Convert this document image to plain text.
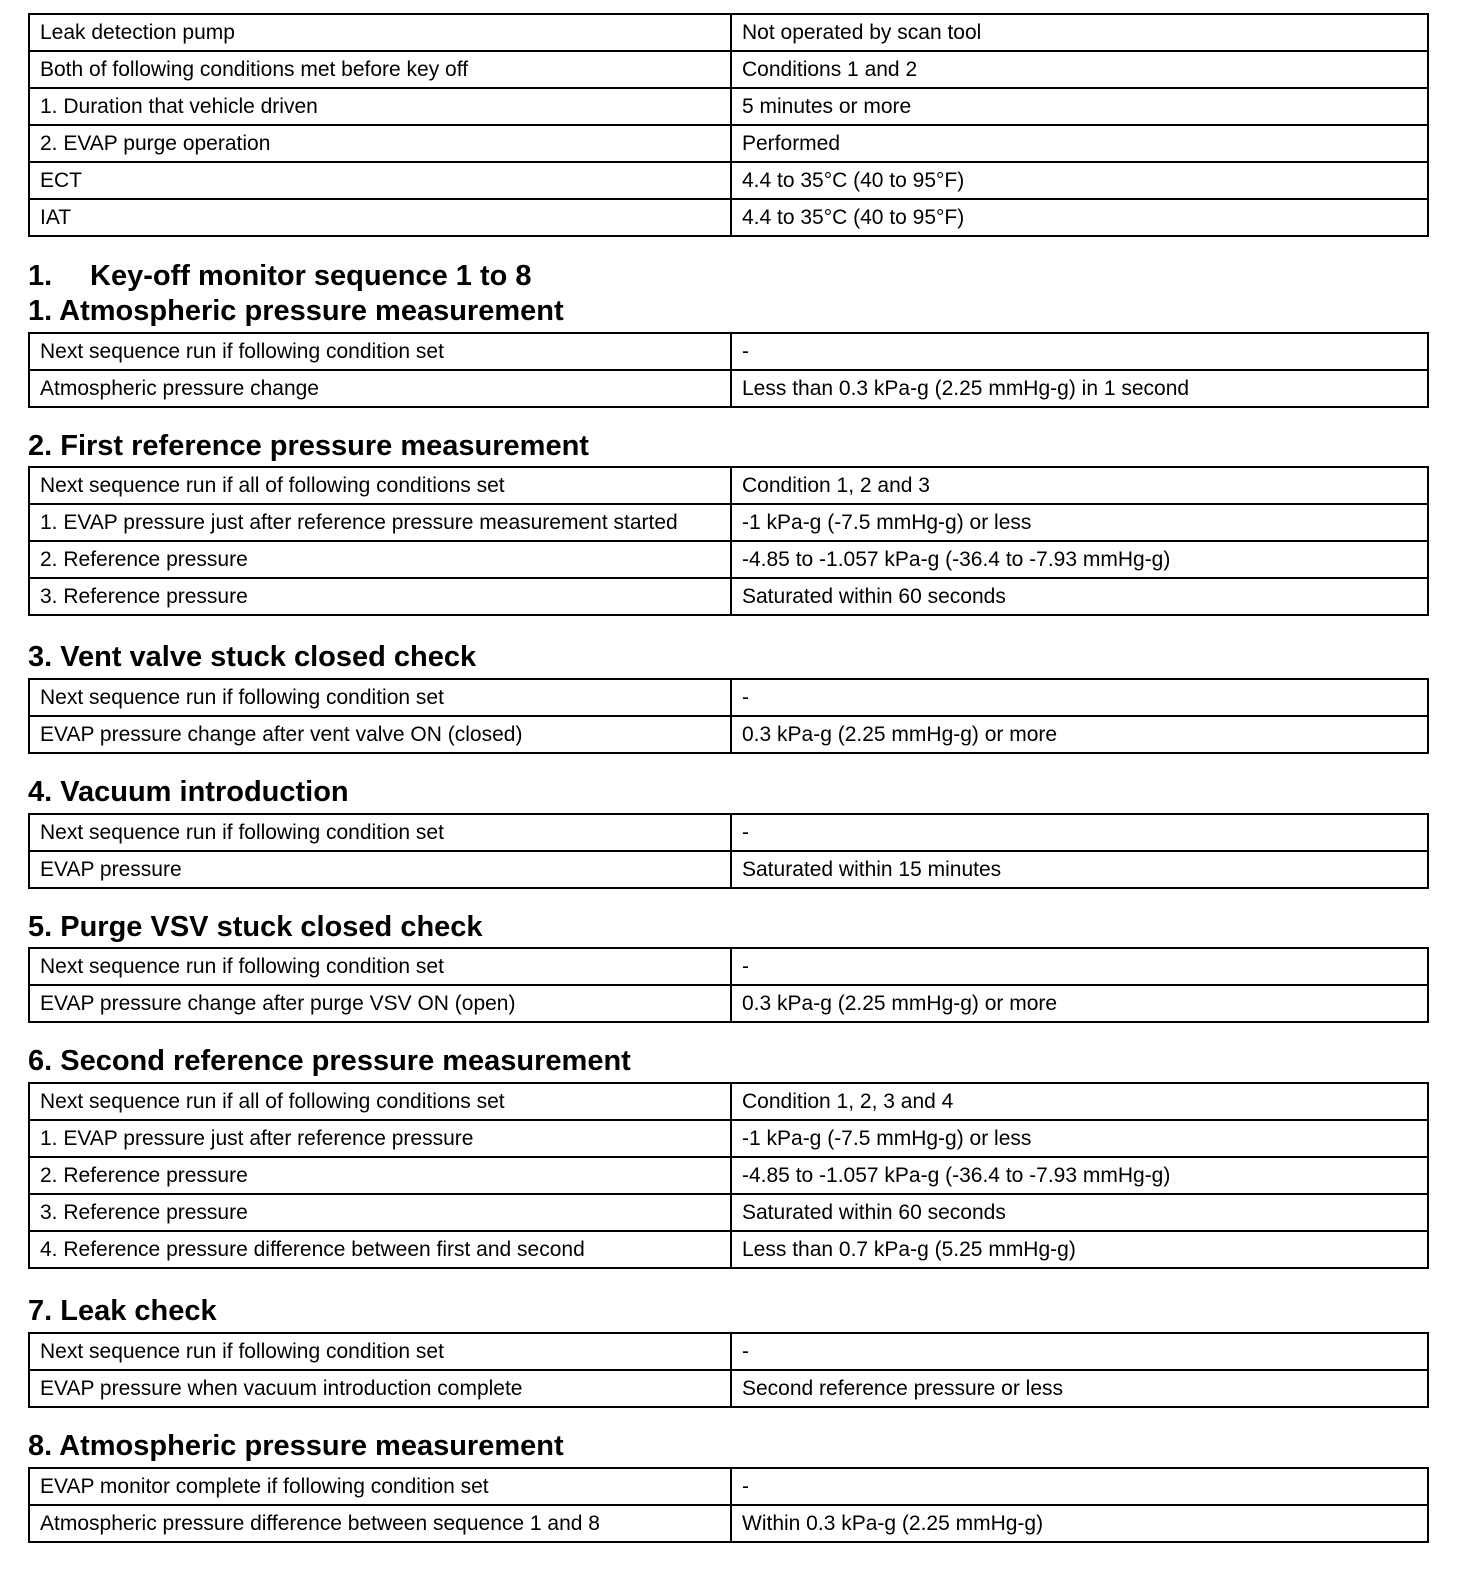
Leak detection pump	Not operated by scan tool
Both of following conditions met before key off	Conditions 1 and 2
1. Duration that vehicle driven	5 minutes or more
2. EVAP purge operation	Performed
ECT	4.4 to 35°C (40 to 95°F)
IAT	4.4 to 35°C (40 to 95°F)
1. Key-off monitor sequence 1 to 8
1. Atmospheric pressure measurement
Next sequence run if following condition set	-
Atmospheric pressure change	Less than 0.3 kPa-g (2.25 mmHg-g) in 1 second
2. First reference pressure measurement
Next sequence run if all of following conditions set	Condition 1, 2 and 3
1. EVAP pressure just after reference pressure measurement started	-1 kPa-g (-7.5 mmHg-g) or less
2. Reference pressure	-4.85 to -1.057 kPa-g (-36.4 to -7.93 mmHg-g)
3. Reference pressure	Saturated within 60 seconds
3. Vent valve stuck closed check
Next sequence run if following condition set	-
EVAP pressure change after vent valve ON (closed)	0.3 kPa-g (2.25 mmHg-g) or more
4. Vacuum introduction
Next sequence run if following condition set	-
EVAP pressure	Saturated within 15 minutes
5. Purge VSV stuck closed check
Next sequence run if following condition set	-
EVAP pressure change after purge VSV ON (open)	0.3 kPa-g (2.25 mmHg-g) or more
6. Second reference pressure measurement
Next sequence run if all of following conditions set	Condition 1, 2, 3 and 4
1. EVAP pressure just after reference pressure	-1 kPa-g (-7.5 mmHg-g) or less
2. Reference pressure	-4.85 to -1.057 kPa-g (-36.4 to -7.93 mmHg-g)
3. Reference pressure	Saturated within 60 seconds
4. Reference pressure difference between first and second	Less than 0.7 kPa-g (5.25 mmHg-g)
7. Leak check
Next sequence run if following condition set	-
EVAP pressure when vacuum introduction complete	Second reference pressure or less
8. Atmospheric pressure measurement
EVAP monitor complete if following condition set	-
Atmospheric pressure difference between sequence 1 and 8	Within 0.3 kPa-g (2.25 mmHg-g)
